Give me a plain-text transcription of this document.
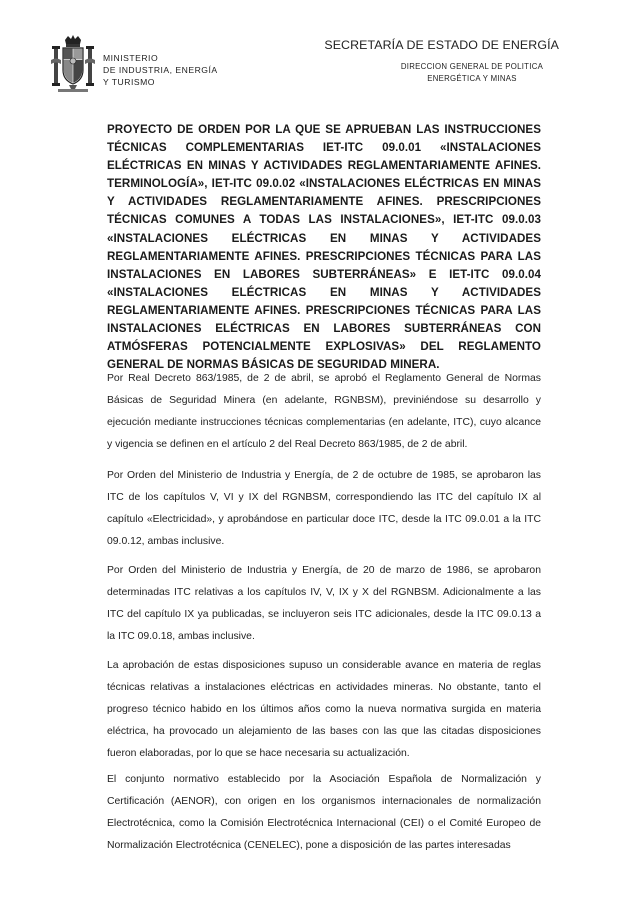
MINISTERIO
DE INDUSTRIA, ENERGÍA
Y TURISMO
SECRETARÍA DE ESTADO DE ENERGÍA
DIRECCION GENERAL DE POLITICA
ENERGÉTICA Y MINAS
PROYECTO DE ORDEN POR LA QUE SE APRUEBAN LAS INSTRUCCIONES TÉCNICAS COMPLEMENTARIAS IET-ITC 09.0.01 «INSTALACIONES ELÉCTRICAS EN MINAS Y ACTIVIDADES REGLAMENTARIAMENTE AFINES. TERMINOLOGÍA», IET-ITC 09.0.02 «INSTALACIONES ELÉCTRICAS EN MINAS Y ACTIVIDADES REGLAMENTARIAMENTE AFINES. PRESCRIPCIONES TÉCNICAS COMUNES A TODAS LAS INSTALACIONES», IET-ITC 09.0.03 «INSTALACIONES ELÉCTRICAS EN MINAS Y ACTIVIDADES REGLAMENTARIAMENTE AFINES. PRESCRIPCIONES TÉCNICAS PARA LAS INSTALACIONES EN LABORES SUBTERRÁNEAS» E IET-ITC 09.0.04 «INSTALACIONES ELÉCTRICAS EN MINAS Y ACTIVIDADES REGLAMENTARIAMENTE AFINES. PRESCRIPCIONES TÉCNICAS PARA LAS INSTALACIONES ELÉCTRICAS EN LABORES SUBTERRÁNEAS CON ATMÓSFERAS POTENCIALMENTE EXPLOSIVAS» DEL REGLAMENTO GENERAL DE NORMAS BÁSICAS DE SEGURIDAD MINERA.

Por Real Decreto 863/1985, de 2 de abril, se aprobó el Reglamento General de Normas Básicas de Seguridad Minera (en adelante, RGNBSM), previniéndose su desarrollo y ejecución mediante instrucciones técnicas complementarias (en adelante, ITC), cuyo alcance y vigencia se definen en el artículo 2 del Real Decreto 863/1985, de 2 de abril.

Por Orden del Ministerio de Industria y Energía, de 2 de octubre de 1985, se aprobaron las ITC de los capítulos V, VI y IX del RGNBSM, correspondiendo las ITC del capítulo IX al capítulo «Electricidad», y aprobándose en particular doce ITC, desde la ITC 09.0.01 a la ITC 09.0.12, ambas inclusive.

Por Orden del Ministerio de Industria y Energía, de 20 de marzo de 1986, se aprobaron determinadas ITC relativas a los capítulos IV, V, IX y X del RGNBSM. Adicionalmente a las ITC del capítulo IX ya publicadas, se incluyeron seis ITC adicionales, desde la ITC 09.0.13 a la ITC 09.0.18, ambas inclusive.

La aprobación de estas disposiciones supuso un considerable avance en materia de reglas técnicas relativas a instalaciones eléctricas en actividades mineras. No obstante, tanto el progreso técnico habido en los últimos años como la nueva normativa surgida en materia eléctrica, ha provocado un alejamiento de las bases con las que las citadas disposiciones fueron elaboradas, por lo que se hace necesaria su actualización.

El conjunto normativo establecido por la Asociación Española de Normalización y Certificación (AENOR), con origen en los organismos internacionales de normalización Electrotécnica, como la Comisión Electrotécnica Internacional (CEI) o el Comité Europeo de Normalización Electrotécnica (CENELEC), pone a disposición de las partes interesadas
